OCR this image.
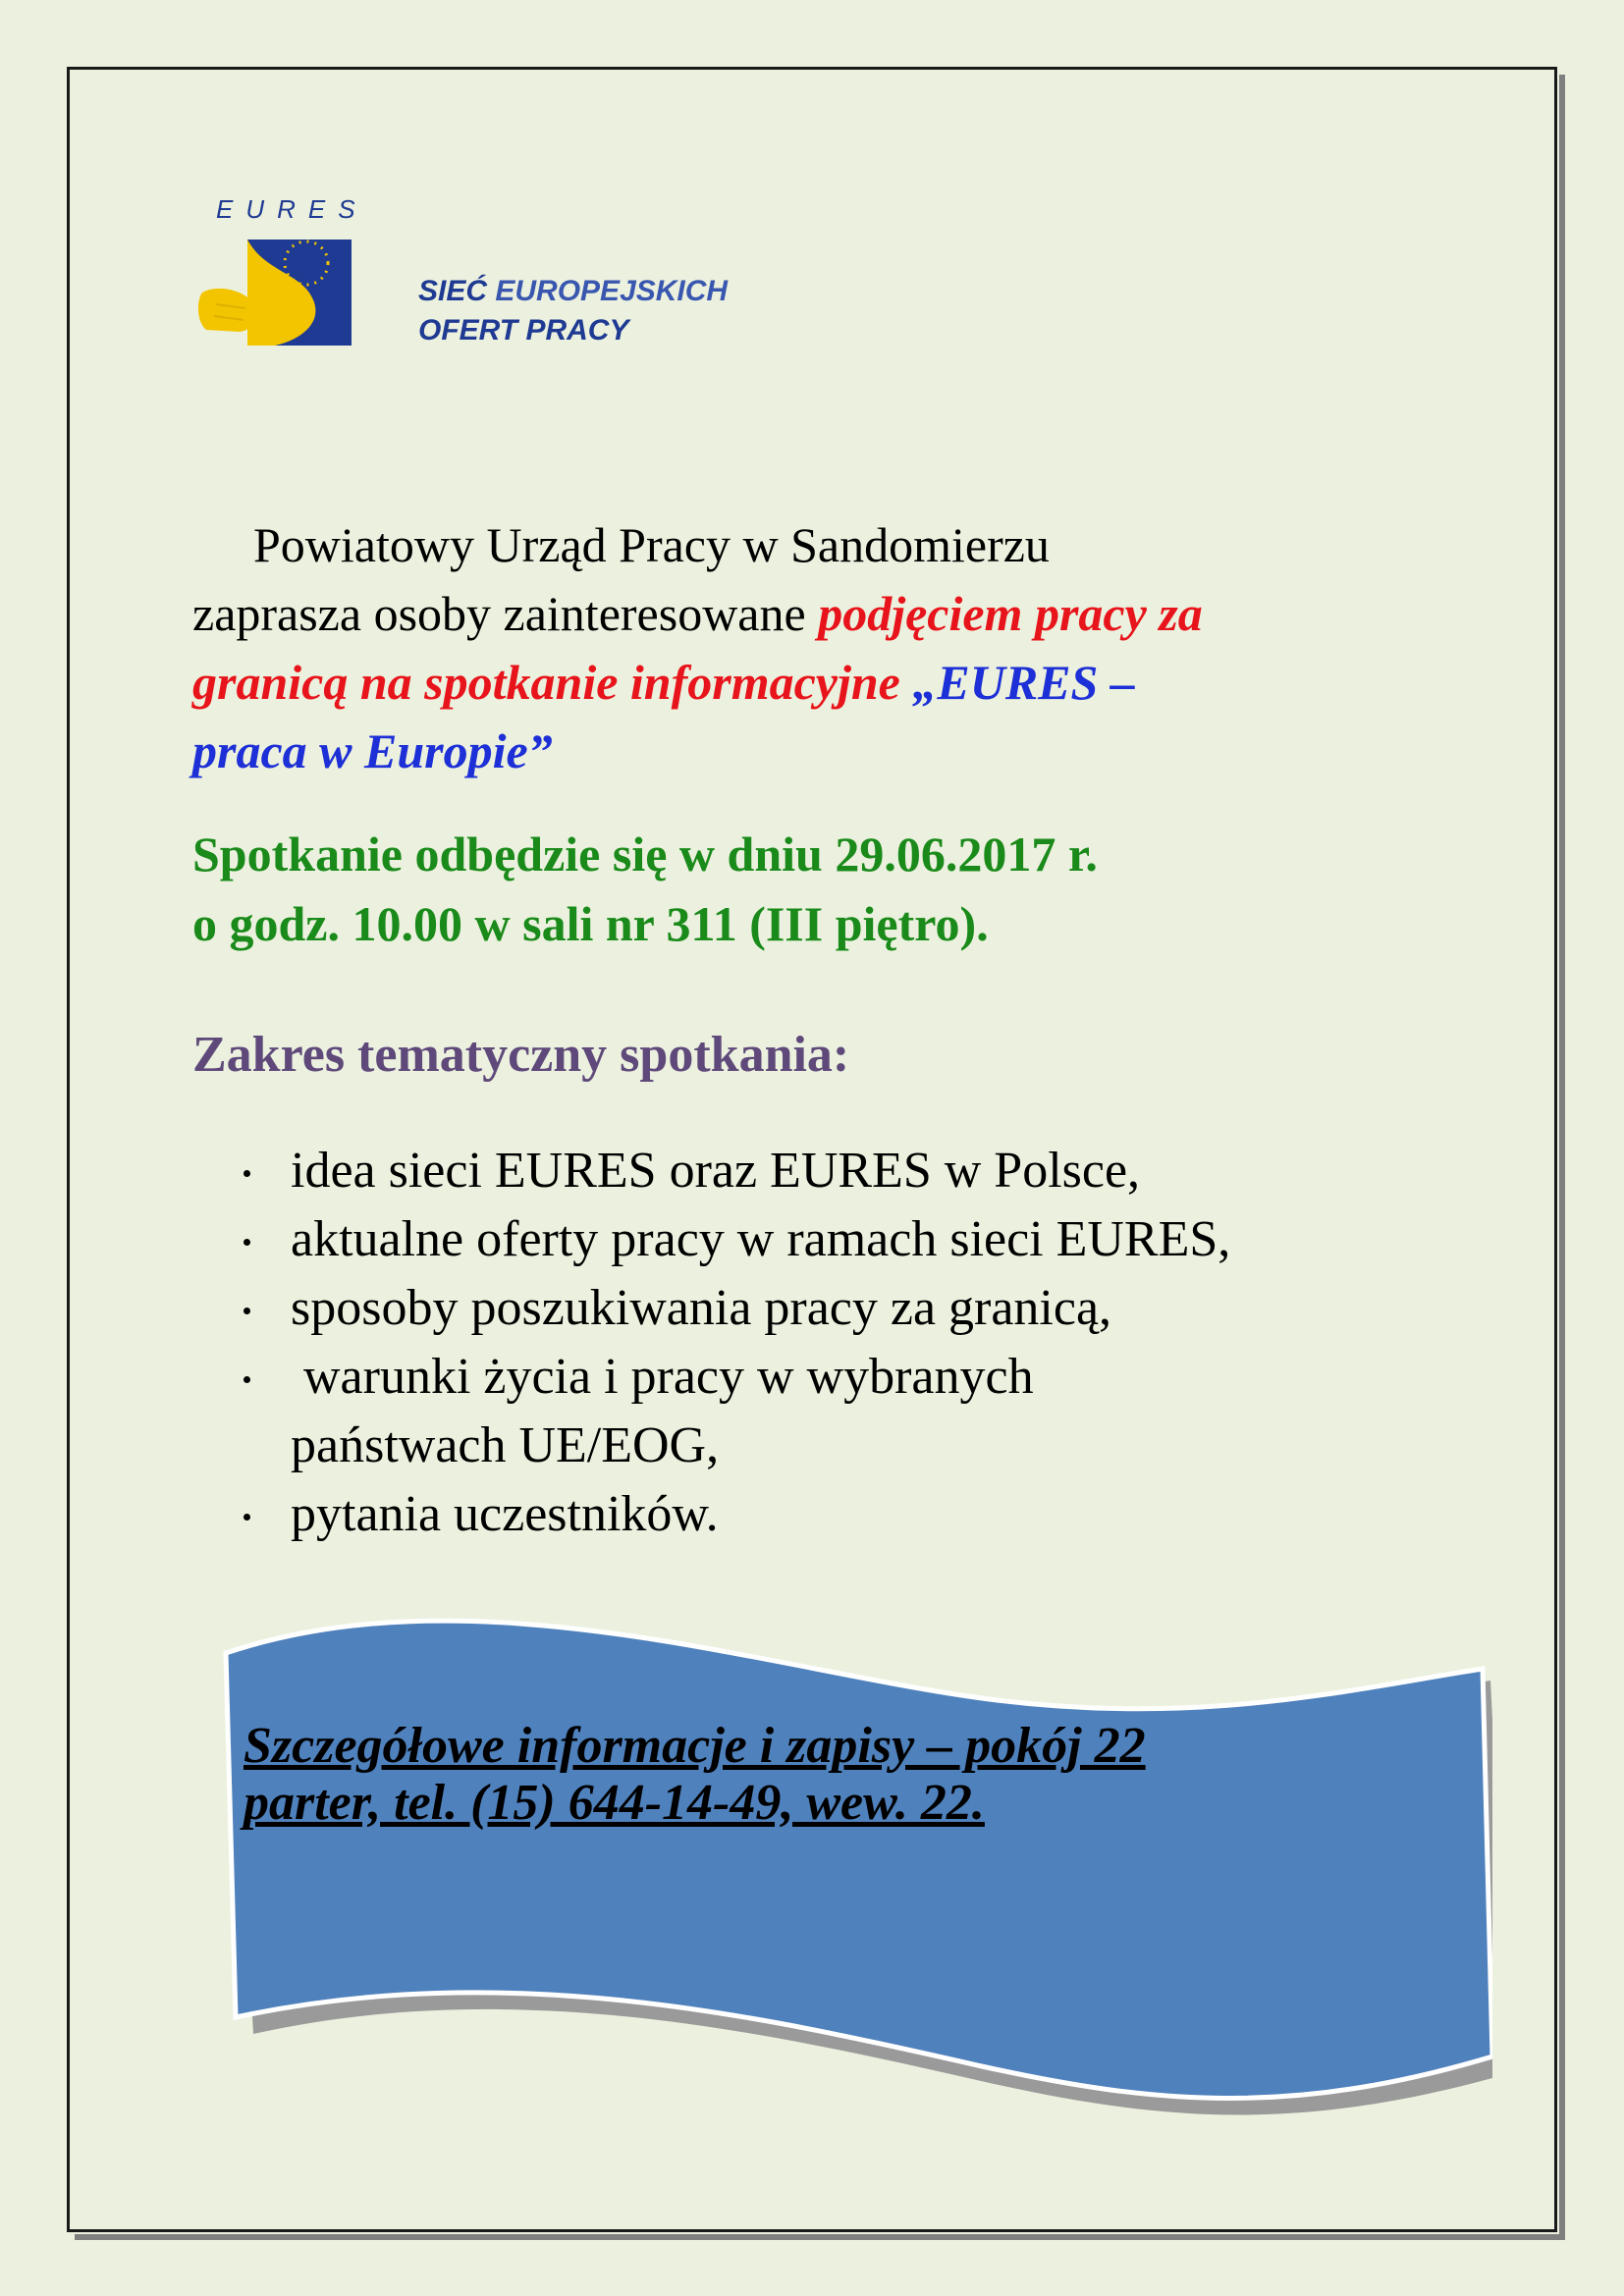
EURES
SIEĆ EUROPEJSKICH
OFERT PRACY
Powiatowy Urząd Pracy w Sandomierzu
zaprasza osoby zainteresowane podjęciem pracy za
granicą na spotkanie informacyjne „EURES –
praca w Europie”
Spotkanie odbędzie się w dniu 29.06.2017 r.
o godz. 10.00 w sali nr 311 (III piętro).
Zakres tematyczny spotkania:
idea sieci EURES oraz EURES w Polsce,
aktualne oferty pracy w ramach sieci EURES,
sposoby poszukiwania pracy za granicą,
warunki życia i pracy w wybranych
państwach UE/EOG,
pytania uczestników.
Szczegółowe informacje i zapisy – pokój 22
parter, tel. (15) 644-14-49, wew. 22.
